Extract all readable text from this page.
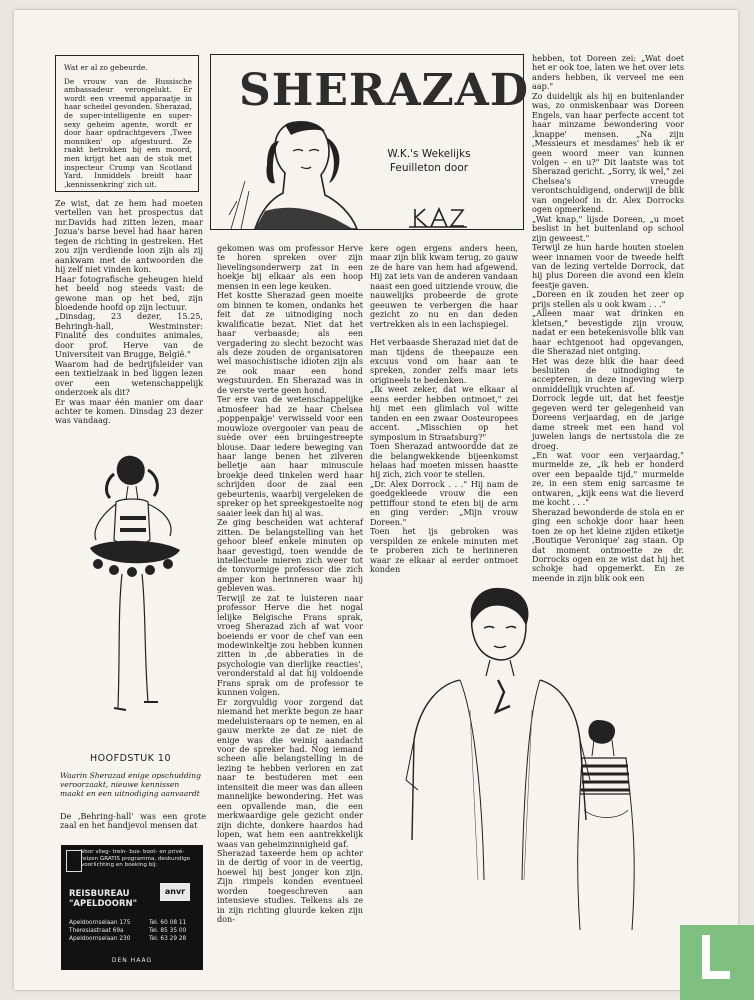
Wat er al zo gebeurde.

De vrouw van de Russische ambassadeur verongelukt. Er wordt een vreemd apparaatje in haar schedel gevonden. Sherazad, de super-intelligente en super-sexy geheim agente, wordt er door haar opdrachtgevers ‚Twee monniken' op afgestuurd. Ze raakt betrokken bij een moord, men krijgt het aan de stok met inspecteur Crump van Scotland Yard. Inmiddels breidt haar ‚kennissenkring' zich uit.

SHERAZAD
W.K.'s Wekelijks Feuilleton door

Ze wist, dat ze hem had moeten vertellen van het prospectus dat mr.Davids had zitten lezen, maar Jozua's barse bevel had haar haren tegen de richting in gestreken. Het zou zijn verdiende loon zijn als zij aankwam met de antwoorden die hij zelf niet vinden kon.

Haar fotografische geheugen hield het beeld nog steeds vast: de gewone man op het bed, zijn bloedende hoofd op zijn lectuur.

„Dinsdag, 23 dezer, 15.25, Behringh-hall, Westminster: Finalité des conduites animales, door prof. Herve van de Universiteit van Brugge, België."

Waarom had de bedrijfsleider van een textielzaak in bed liggen lezen over een wetenschappelijk onderzoek als dit?

Er was maar één manier om daar achter te komen. Dinsdag 23 dezer was vandaag.

HOOFDSTUK 10
Waarin Sherazad enige opschudding veroorzaakt, nieuwe kennissen maakt en een uitnodiging aanvaardt

De ‚Behring-hall' was een grote zaal en het handjevol mensen dat

Voor vlieg- trein- bus- boot- en privé-reizen GRATIS programma, deskundige voorlichting en boeking bij:
REISBUREAU
"APELDOORN"
anvr
Apeldoornselaan 175
Theresiastraat 69a
Apeldoornselaan 230
Tel. 60 08 11
Tel. 85 35 00
Tel. 63 29 28
DEN HAAG

gekomen was om professor Herve te horen spreken over zijn lievelingsonderwerp zat in een hoekje bij elkaar als een hoop mensen in een lege keuken.

Het kostte Sherazad geen moeite om binnen te komen, ondanks het feit dat ze uitnodiging noch kwalificatie bezat. Niet dat het haar verbaasde; als een vergadering zo slecht bezocht was als deze zouden de organisatoren wel masochistische idioten zijn als ze ook maar een hond wegstuurden. En Sherazad was in de verste verte geen hond.

Ter ere van de wetenschappelijke atmosfeer had ze haar Chelsea ‚poppenpakje' verwisseld voor een mouwloze overgooier van peau de suède over een bruingestreepte blouse. Daar iedere beweging van haar lange benen het zilveren belletje aan haar minuscule broekje deed tinkelen werd haar schrijden door de zaal een gebeurtenis, waarbij vergeleken de spreker op het spreekgestoelte nog saaier leek dan hij al was.

Ze ging bescheiden wat achteraf zitten. De belangstelling van het gehoor bleef enkele minuten op haar gevestigd, toen wendde de intellectuele mieren zich weer tot de tonvormige professor die zich amper kon herinneren waar hij gebleven was.

Terwijl ze zat te luisteren naar professor Herve die het nogal lelijke Belgische Frans sprak, vroeg Sherazad zich af wat voor boeiends er voor de chef van een modewinkeltje zou hebben kunnen zitten in ‚de abberaties in de psychologie van dierlijke reacties', veronderstald al dat hij voldoende Frans sprak om de professor te kunnen volgen.

Er zorgvuldig voor zorgend dat niemand het merkte begon ze haar medeluisteraars op te nemen, en al gauw merkte ze dat ze niet de enige was die weinig aandacht voor de spreker had. Nog iemand scheen alle belangstelling in de lezing te hebben verloren en zat naar te bestuderen met een intensiteit die meer was dan alleen mannelijke bewondering. Het was een opvallende man, die een merkwaardige gele gezicht onder zijn dichte, donkere haardos had lopen, wat hem een aantrekkelijk waas van geheimzinnigheid gaf.

Sherazad taxeerde hem op achter in de dertig of voor in de veertig, hoewel hij best jonger kon zijn. Zijn rimpels konden eventueel worden toegeschreven aan intensieve studies. Telkens als ze in zijn richting gluurde keken zijn don-

kere ogen ergens anders heen, maar zijn blik kwam terug, zo gauw ze de hare van hem had afgewend. Hij zat iets van de anderen vandaan naast een goed uitziende vrouw, die nauwelijks probeerde de grote geeuwen te verbergen die haar gezicht zo nu en dan deden vertrekken als in een lachspiegel.

Het verbaasde Sherazad niet dat de man tijdens de theepauze een excuus vond om haar aan te spreken, zonder zelfs maar iets origineels te bedenken.

„Ik weet zeker, dat we elkaar al eens eerder hebben ontmoet," zei hij met een glimlach vol witte tanden en een zwaar Oosteuropees accent. „Misschien op het symposium in Straatsburg?"

Toen Sherazad antwoordde dat ze die belangwekkende bijeenkomst helaas had moeten missen haastte hij zich, zich voor te stellen.

„Dr. Alex Dorrock . . ." Hij nam de goedgekleede vrouw die een pettiffour stond te eten bij de arm en ging verder: „Mijn vrouw Doreen."

Toen het ijs gebroken was verspilden ze enkele minuten met te proberen zich te herinneren waar ze elkaar al eerder ontmoet konden

hebben, tot Doreen zei: „Wat doet het er ook toe, laten we het over iets anders hebben, ik verveel me een aap."

Zo duidelijk als hij en buitenlander was, zo onmiskenbaar was Doreen Engels, van haar perfecte accent tot haar minzame bewondering voor ‚knappe' mensen. „Na zijn ‚Messieurs et mesdames' heb ik er geen woord meer van kunnen volgen – en u?" Dit laatste was tot Sherazad gericht. „Sorry, ik wel," zei Chelsea's vreugde verontschuldigend, onderwijl de blik van ongeloof in dr. Alex Dorrocks ogen opmerkend.

„Wat knap," lijsde Doreen, „u moet beslist in het buitenland op school zijn geweest."

Terwijl ze hun harde houten stoelen weer innamen voor de tweede helft van de lezing vertelde Dorrock, dat hij plus Doreen die avond een klein feestje gaven.

„Doreen en ik zouden het zeer op prijs stellen als u ook kwam . . ."

„Alleen maar wat drinken en kletsen," bevestigde zijn vrouw, nadat er een betekenisvolle blik van haar echtgenoot had opgevangen, die Sherazad niet ontging.

Het was deze blik die haar deed besluiten de uitnodiging te accepteren, in deze ingeving wierp onmiddellijk vruchten af.

Dorrock legde uit, dat het feestje gegeven werd ter gelegenheid van Doreens verjaardag, en de jarige dame streek met een hand vol juwelen langs de nertsstola die ze droeg.

„En wat voor een verjaardag," murmelde ze, „ik heb er honderd over een bepaalde tijd," murmelde ze, in een stem enig sarcasme te ontwaren, „kijk eens wat die lieverd me kocht . . ."

Sherazad bewonderde de stola en er ging een schokje door haar heen toen ze op het kleine zijden etiketje ‚Boutique Veronique' zag staan. Op dat moment ontmoette ze dr. Dorrocks ogen en ze wist dat hij het schokje had opgemerkt. En ze meende in zijn blik ook een
